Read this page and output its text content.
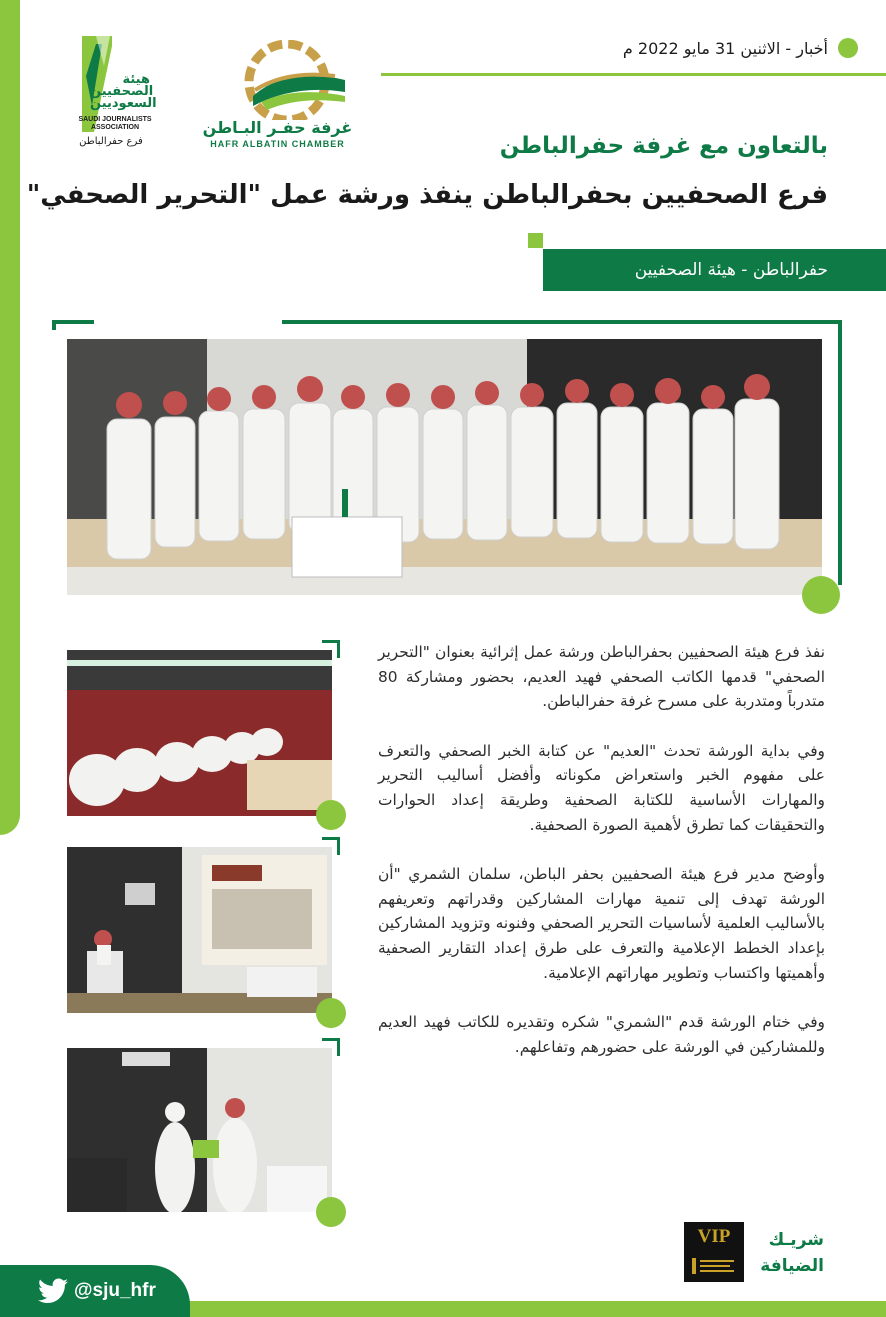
أخبار - الاثنين 31 مايو 2022 م
هيئة الصحفيين السعوديين
SAUDI JOURNALISTS ASSOCIATION
فرع حفرالباطن
غرفة حفـر البـاطن
HAFR ALBATIN CHAMBER	بالتعاون مع غرفة حفرالباطن
فرع الصحفيين بحفرالباطن ينفذ ورشة عمل "التحرير الصحفي"
حفرالباطن - هيئة الصحفيين

نفذ فرع هيئة الصحفيين بحفرالباطن ورشة عمل إثرائية بعنوان "التحرير الصحفي" قدمها الكاتب الصحفي فهيد العديم، بحضور ومشاركة 80 متدرباً ومتدربة على مسرح غرفة حفرالباطن.

وفي بداية الورشة تحدث "العديم" عن كتابة الخبر الصحفي والتعرف على مفهوم الخبر واستعراض مكوناته وأفضل أساليب التحرير والمهارات الأساسية للكتابة الصحفية وطريقة إعداد الحوارات والتحقيقات كما تطرق لأهمية الصورة الصحفية.

وأوضح مدير فرع هيئة الصحفيين بحفر الباطن، سلمان الشمري "أن الورشة تهدف إلى تنمية مهارات المشاركين وقدراتهم وتعريفهم بالأساليب العلمية لأساسيات التحرير الصحفي وفنونه وتزويد المشاركين بإعداد الخطط الإعلامية والتعرف على طرق إعداد التقارير الصحفية وأهميتها واكتساب وتطوير مهاراتهم الإعلامية.

وفي ختام الورشة قدم "الشمري" شكره وتقديره للكاتب فهيد العديم وللمشاركين في الورشة على حضورهم وتفاعلهم.

شريـك
الضيافة
VIP
@sju_hfr
